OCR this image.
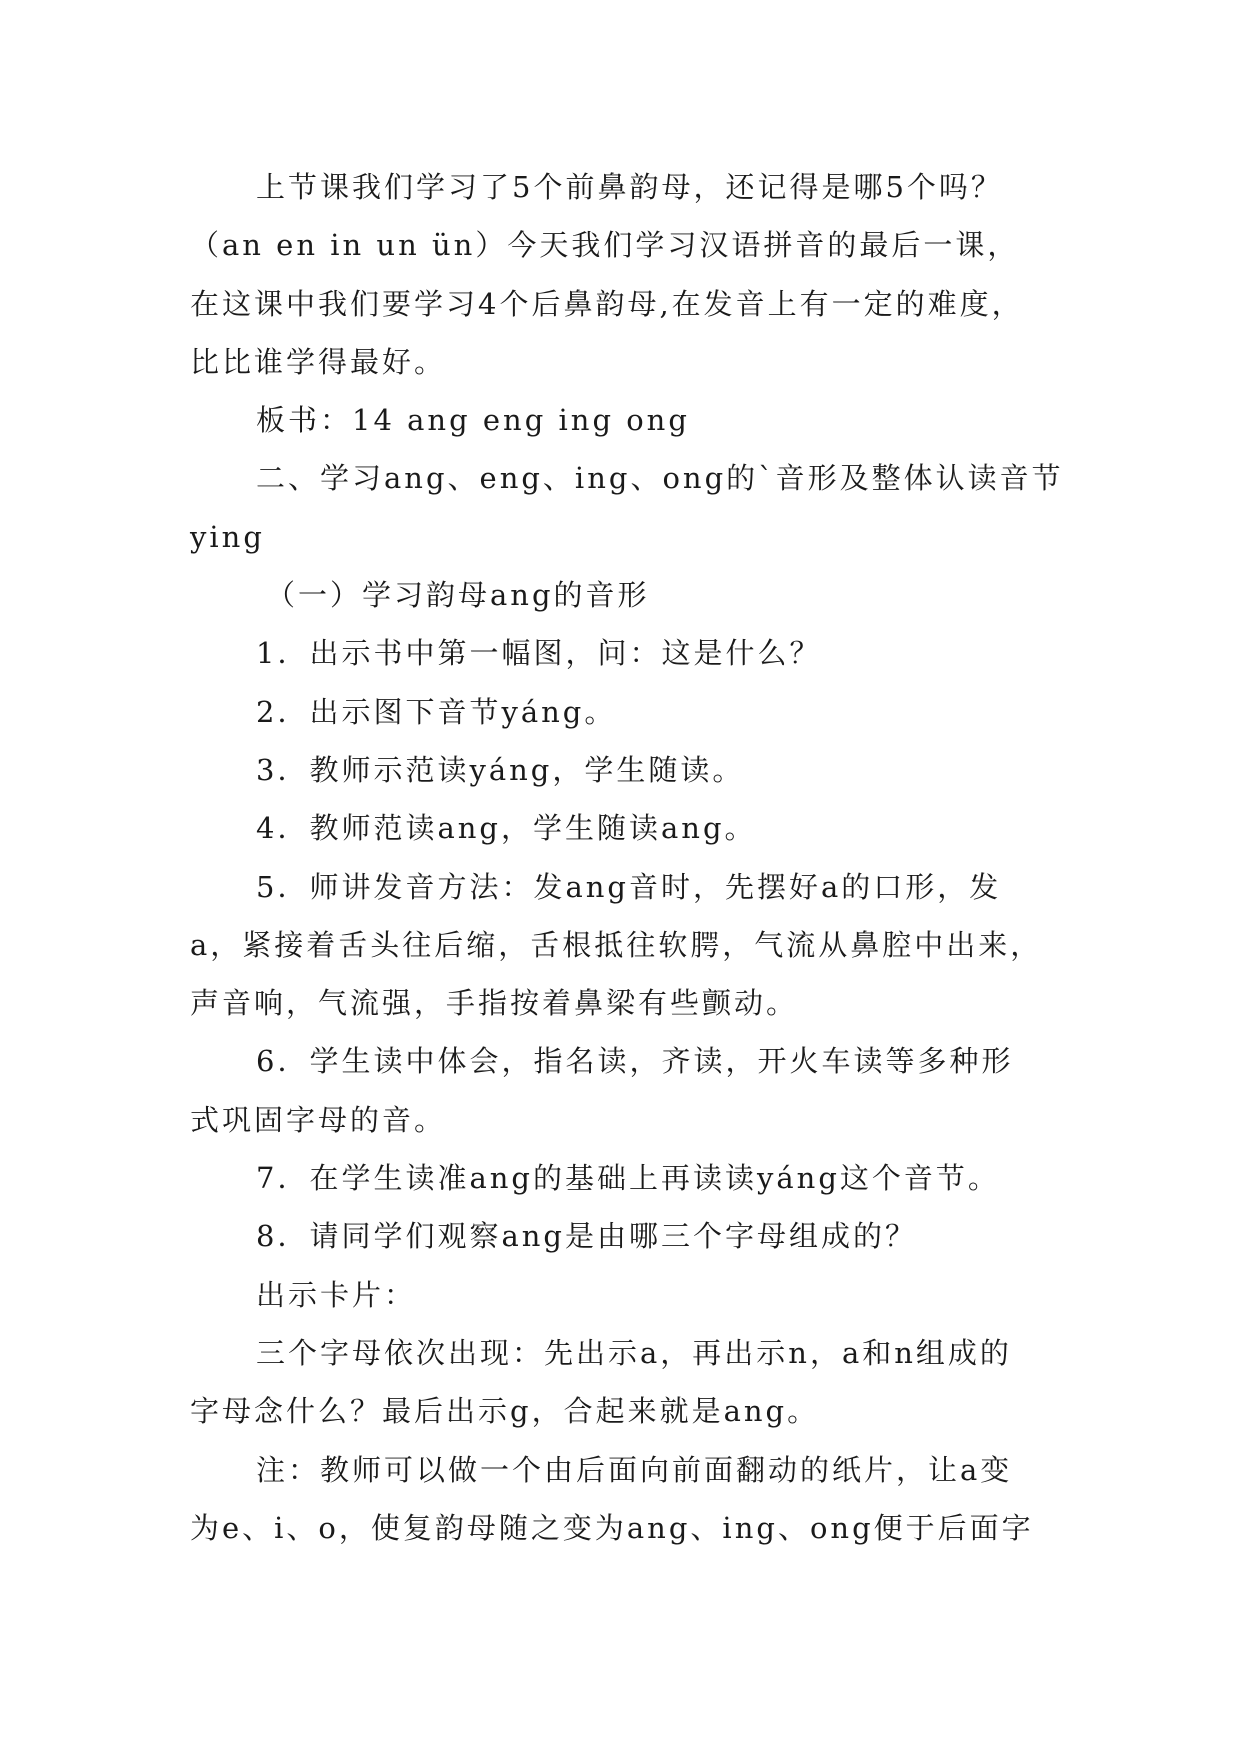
上节课我们学习了5个前鼻韵母，还记得是哪5个吗？
（an en in un ün）今天我们学习汉语拼音的最后一课，
在这课中我们要学习4个后鼻韵母,在发音上有一定的难度，
比比谁学得最好。
板书：14 ang eng ing ong
二、学习ang、eng、ing、ong的`音形及整体认读音节
ying
（一）学习韵母ang的音形
1．出示书中第一幅图，问：这是什么？
2．出示图下音节yáng。
3．教师示范读yáng，学生随读。
4．教师范读ang，学生随读ang。
5．师讲发音方法：发ang音时，先摆好a的口形，发
a，紧接着舌头往后缩，舌根抵往软腭，气流从鼻腔中出来，
声音响，气流强，手指按着鼻梁有些颤动。
6．学生读中体会，指名读，齐读，开火车读等多种形
式巩固字母的音。
7．在学生读准ang的基础上再读读yáng这个音节。
8．请同学们观察ang是由哪三个字母组成的？
出示卡片：
三个字母依次出现：先出示a，再出示n，a和n组成的
字母念什么？最后出示g，合起来就是ang。
注：教师可以做一个由后面向前面翻动的纸片，让a变
为e、i、o，使复韵母随之变为ang、ing、ong便于后面字
